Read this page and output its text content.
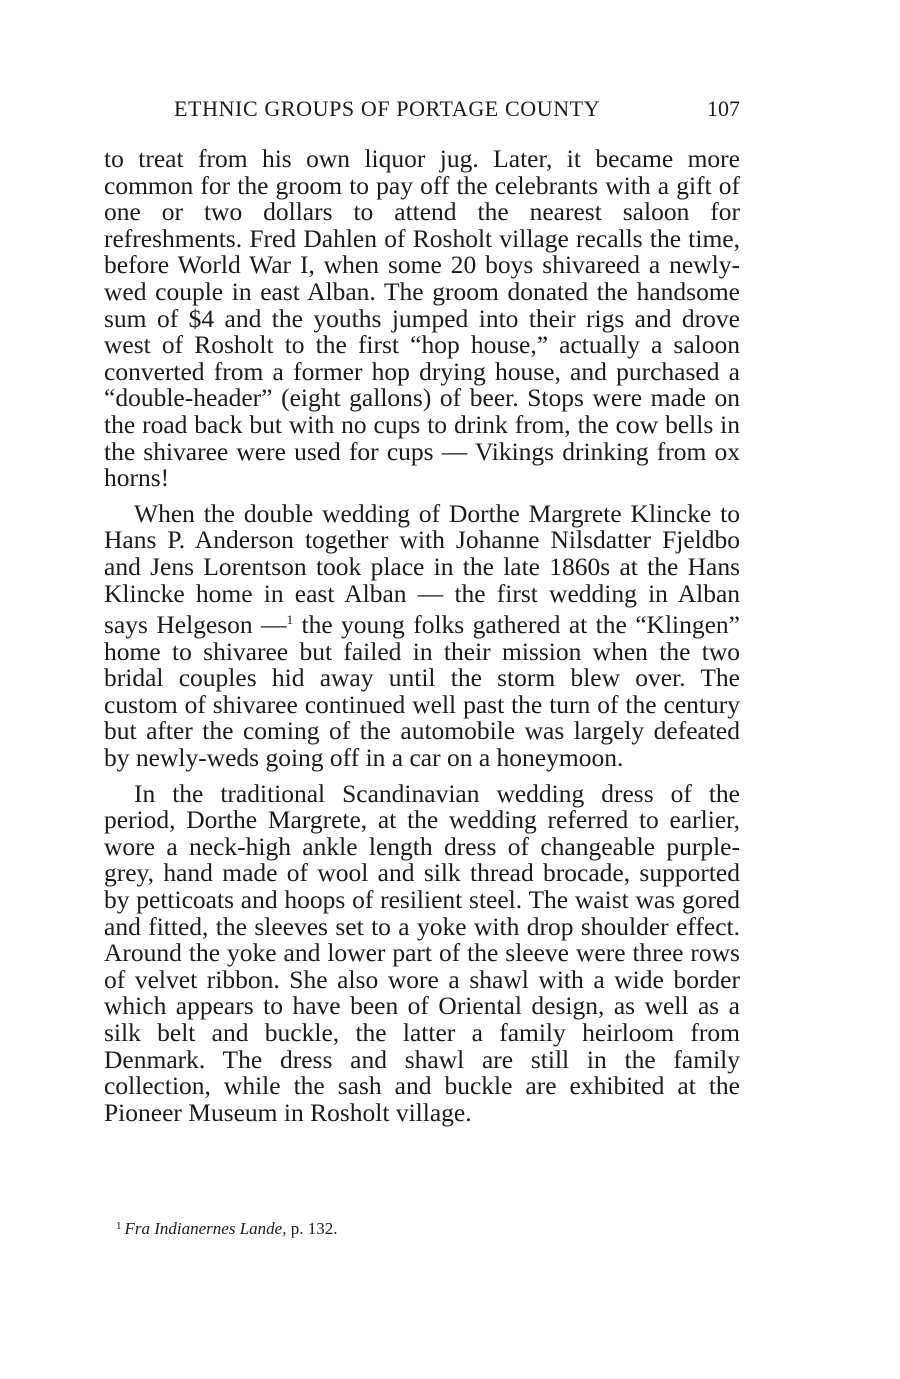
ETHNIC GROUPS OF PORTAGE COUNTY	107

to treat from his own liquor jug. Later, it became more common for the groom to pay off the celebrants with a gift of one or two dollars to attend the nearest saloon for refreshments. Fred Dahlen of Rosholt village recalls the time, before World War I, when some 20 boys shivareed a newly-wed couple in east Alban. The groom donated the handsome sum of $4 and the youths jumped into their rigs and drove west of Rosholt to the first “hop house,” actually a saloon converted from a former hop drying house, and purchased a “double-header” (eight gallons) of beer. Stops were made on the road back but with no cups to drink from, the cow bells in the shivaree were used for cups — Vikings drinking from ox horns!

When the double wedding of Dorthe Margrete Klincke to Hans P. Anderson together with Johanne Nilsdatter Fjeldbo and Jens Lorentson took place in the late 1860s at the Hans Klincke home in east Alban — the first wedding in Alban says Helgeson —$^1$ the young folks gathered at the “Klingen” home to shivaree but failed in their mission when the two bridal couples hid away until the storm blew over. The custom of shivaree continued well past the turn of the century but after the coming of the automobile was largely defeated by newly-weds going off in a car on a honeymoon.

In the traditional Scandinavian wedding dress of the period, Dorthe Margrete, at the wedding referred to earlier, wore a neck-high ankle length dress of changeable purple-grey, hand made of wool and silk thread brocade, supported by petticoats and hoops of resilient steel. The waist was gored and fitted, the sleeves set to a yoke with drop shoulder effect. Around the yoke and lower part of the sleeve were three rows of velvet ribbon. She also wore a shawl with a wide border which appears to have been of Oriental design, as well as a silk belt and buckle, the latter a family heirloom from Denmark. The dress and shawl are still in the family collection, while the sash and buckle are exhibited at the Pioneer Museum in Rosholt village.

$^1$ Fra Indianernes Lande, p. 132.
